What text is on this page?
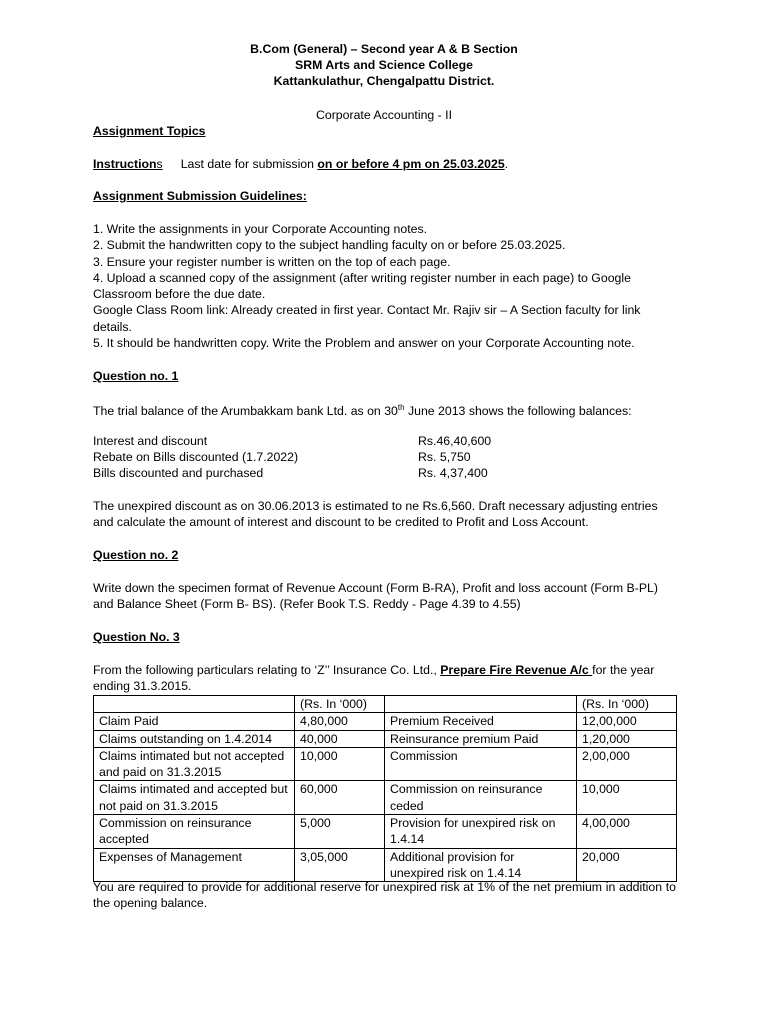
B.Com (General) – Second year A & B Section
SRM Arts and Science College
Kattankulathur, Chengalpattu District.
Corporate Accounting - II
Assignment Topics
Instructions Last date for submission on or before 4 pm on 25.03.2025.
Assignment Submission Guidelines:
1. Write the assignments in your Corporate Accounting notes.
2. Submit the handwritten copy to the subject handling faculty on or before 25.03.2025.
3. Ensure your register number is written on the top of each page.
4. Upload a scanned copy of the assignment (after writing register number in each page) to Google Classroom before the due date.
Google Class Room link: Already created in first year. Contact Mr. Rajiv sir – A Section faculty for link details.
5. It should be handwritten copy. Write the Problem and answer on your Corporate Accounting note.
Question no. 1
The trial balance of the Arumbakkam bank Ltd. as on 30th June 2013 shows the following balances:
Interest and discount	Rs.46,40,600
Rebate on Bills discounted (1.7.2022)	Rs. 5,750
Bills discounted and purchased	Rs. 4,37,400
The unexpired discount as on 30.06.2013 is estimated to ne Rs.6,560. Draft necessary adjusting entries and calculate the amount of interest and discount to be credited to Profit and Loss Account.
Question no. 2
Write down the specimen format of Revenue Account (Form B-RA), Profit and loss account (Form B-PL) and Balance Sheet (Form B- BS). (Refer Book T.S. Reddy - Page 4.39 to 4.55)
Question No. 3
From the following particulars relating to ‘Z’’ Insurance Co. Ltd., Prepare Fire Revenue A/c for the year ending 31.3.2015.
	(Rs. In ‘000)		(Rs. In ‘000)
Claim Paid	4,80,000	Premium Received	12,00,000
Claims outstanding on 1.4.2014	40,000	Reinsurance premium Paid	1,20,000
Claims intimated but not accepted and paid on 31.3.2015	10,000	Commission	2,00,000
Claims intimated and accepted but not paid on 31.3.2015	60,000	Commission on reinsurance ceded	10,000
Commission on reinsurance accepted	5,000	Provision for unexpired risk on 1.4.14	4,00,000
Expenses of Management	3,05,000	Additional provision for unexpired risk on 1.4.14	20,000
You are required to provide for additional reserve for unexpired risk at 1% of the net premium in addition to the opening balance.
